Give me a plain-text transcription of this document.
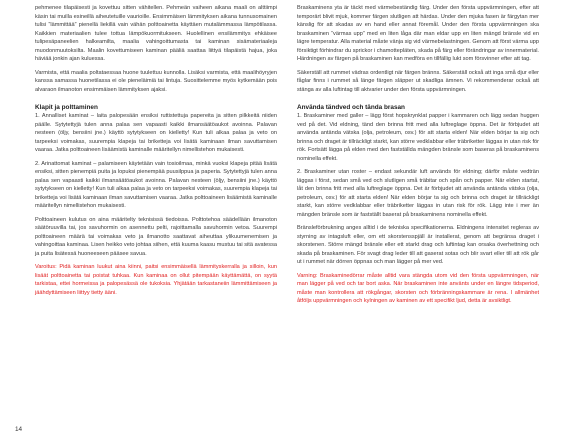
pehmenee tilapäisesti ja kovettuu sitten vähitellen. Pehmeän vaiheen aikana maali on alttiimpi käsin tai muilla esineillä aiheutetuille vaurioille. Ensimmäisen lämmityksen aikana tunnusomainen tulisi “lämmittää” pienellä liekillä vain vähän polttoainetta käyttäen mutalämmassa lämpötilassa. Kaikkien materiaalien tulee tottua lämpökuormitukseen. Huolellinen ensilämmitys ehkäisee tulipesäpaneelien halkeamilta, maalia vahingoittumasta tai kaminan sisämateriaaleja muodonmuutoksilta. Maalin kovettumiseen kaminan pääliä saattaa liittyä tilapäistä hajua, joka häviää jonkin ajan kuluessa.

Varmista, että maalia poltataessaa huone tuulettuu kunnolla. Lisäksi varmista, että maalihöyryjen kanssa samassa huonetilassa ei ole pieneläimiä tai lintuja. Suosittelemme myös kytkemään pois alvaraon ilmanoton ensimmäisen lämmityksen ajaksi.

Klapit ja polttaminen

1. Annalliset kaminat – laita palopesään ensiksi ruttistettuja papereita ja sitten pilkkeitä niiden päälle. Sytytettyjä tulen anna palaa sen vapaasti kaikki ilmansäätöaukot avoinna. Palavan nesteen (öljy, bensiini jne.) käyttö sytytykseen on kielletty! Kun tuli alkaa palaa ja veto on tarpeeksi voimakas, suurempia klapeja tai briketteja voi lisätä kaminaan ilman savuttamisen vaaraa. Jatka polttoaineen lisäämistä kaminalle määritellyn nimellistehon mukaisesti.

2. Arinattomat kaminat – palamiseen käytetään vain tosioilmaa, minkä vuoksi klapeja pitää lisätä ensiksi, sitten pienempiä puita ja lopuksi pienempää puusilppua ja paperia. Sytytettyjä tulen anna palaa sen vapaasti kaikki ilmansäätöaukot avoinna. Palavan nesteen (öljy, bensiini jne.) käyttö sytytykseen on kielletty! Kun tuli alkaa palaa ja veto on tarpeeksi voimakas, suurempia klapeja tai briketteja voi lisätä kaminaan ilman savuttamisen vaaraa. Jatka polttoaineen lisäämistä kaminalle määritellyn nimellistehon mukaisesti.

Polttoaineen kulutus on aina määritelty teknisissä tiedoissa. Polttotehoa säädellään ilmanoton säätöruuvilla tai, jos savuhormin on asennettu pelti, rajoittamalla savuhormin vetoa. Suurempi polttoaineen määrä tai voimakas veto ja ilmanotto saattavat aiheuttaa ylikuumenemisen ja vahingoittaa kaminaa. Lisen heikko veto johtaa siihen, että kuuma kaasu mustuu tai sitä avatessa ja puita lisätessä huoneeseen pääsee savua.

Varoitus: Pidä kaminan luukut aina kiinni, paitsi ensimmäisellä lämmityskerralla ja silloin, kun lisäät polttoainetta tai poistat tuhkaa. Kun kaminaa on ollut pitempään käyttämättä, on syytä tarkistaa, ettei hormeissa ja palopesässä ole tukoksia. Yhjätään tarkastaneiin lämmittämiseen ja jäähdyttämiseen liittyy tietty ääni.

Braskaminens yta är täckt med värmebeständig färg. Under den första uppvärmningen, efter att temporärt blivit mjuk, kommer färgen slutligen att härdas. Under den mjuka fasen är färgytan mer känslig för att skadas av en hand eller annat föremål. Under den första uppvärmningen ska braskaminen “värmas upp” med en liten låga där man eldar upp en liten mängd bränsle vid en lägre temperatur. Alla material måste vänja sig vid värmebelastningen. Genom att först värma upp försiktigt förhindrar du sprickor i chamottepläten, skada på färg eller förändringar av innermaterial. Härdningen av färgen på braskaminen kan medföra en tillfällig lukt som försvinner efter att tag.

Säkerställ att rummet vädras ordentligt när färgen bränns. Säkerställ också att inga små djur eller fåglar finns i rummet så länge färgen släpper ut skadliga ämnen. Vi rekommenderar också att stänga av alla luftintag till aktvarier under den första uppvärmningen.

Använda tändved och tända brasan

1. Braskaminer med galler – lägg först hopskrynklat papper i kammaren och lägg sedan huggen ved på det. Vid eldning, tänd den brinna fritt med alla luftreglage öppna. Det är förbjudet att använda antända vätska (olja, petroleum, osv.) för att starta elden! När elden börjar ta sig och brinna och draget är tillräckligt starkt, kan större vedklabbar eller träbriketter läggas in utan risk för rök. Fortsätt lägga på elden med den fastställda mängden bränsle som baseras på braskaminens nominella effekt.

2. Braskaminer utan roster – endast sekundär luft används för eldning; därför måste vedträn läggas i först, sedan små ved och slutligen små träbitar och spån och papper. När elden startat, låt den brinna fritt med alla luftreglage öppna. Det är förbjudet att använda antända vätska (olja, petroleum, osv.) för att starta elden! När elden börjar ta sig och brinna och draget är tillräckligt starkt, kan större vedklabbar eller träbriketter läggas in utan risk för rök. Lägg inte i mer än mängden bränsle som är fastställt baserat på braskaminens nominella effekt.

Bränsleförbrukning anges alltid i de tekniska specifikationerna. Eldningens intensitet regleras av styrning av intagsluft eller, om ett skorstensspjäll är installerat, genom att begränsa draget i skorstenen. Större mängd bränsle eller ett starkt drag och luftintag kan orsaka överhettning och skada på braskaminen. För svagt drag leder till att gaserat sotas och blir svart eller till att rök går ut i rummet när dörren öppnas och man lägger på mer ved.

Varning: Braskaminedörrar måste alltid vara stängda utom vid den första uppvärmningen, när man lägger på ved och tar bort aska. När braskaminen inte använts under en längre tidsperiod, måste man kontrollera att rökgångar, skorsten och förbränningskammare är rena. I allmänhet åtföljs uppvärmningen och kylningen av kaminen av ett specifikt ljud, detta är avsiktligt.

14
